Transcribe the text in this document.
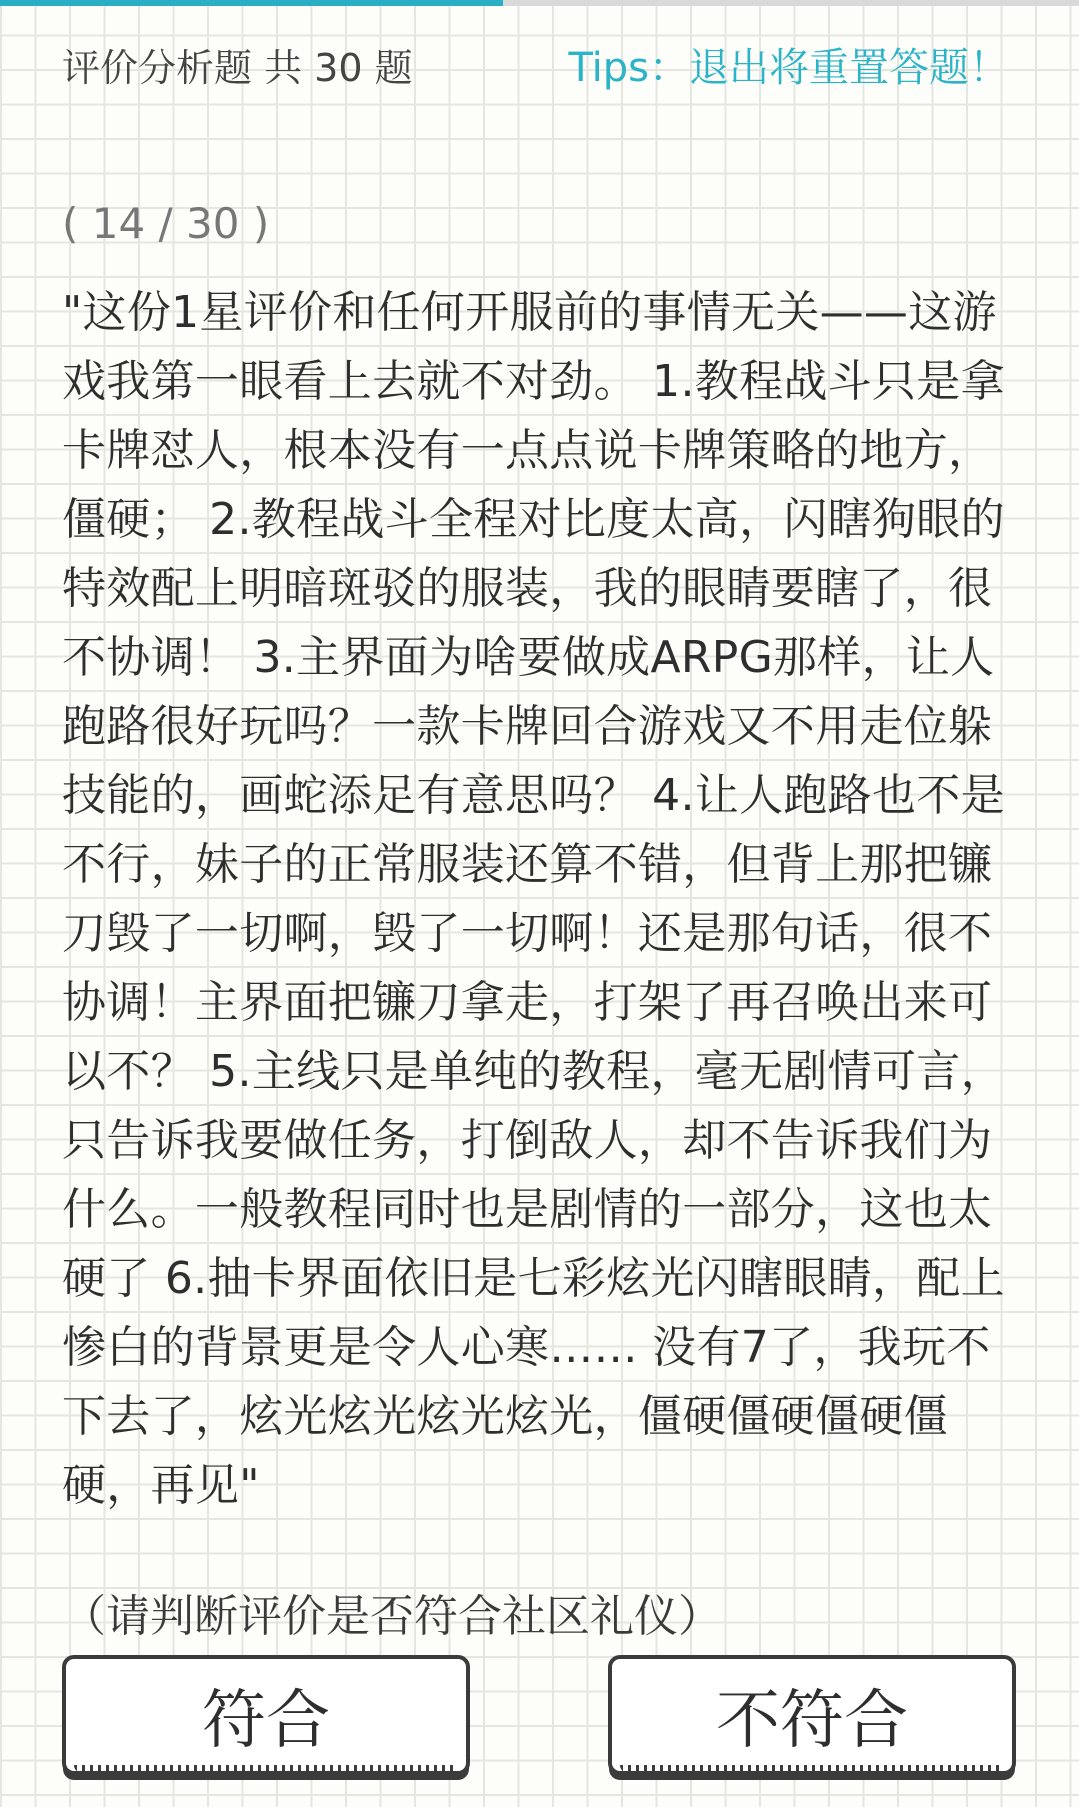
评价分析题 共 30 题	Tips：退出将重置答题！
( 14 / 30 )

"这份1星评价和任何开服前的事情无关——这游戏我第一眼看上去就不对劲。 1.教程战斗只是拿卡牌怼人，根本没有一点点说卡牌策略的地方，僵硬； 2.教程战斗全程对比度太高，闪瞎狗眼的特效配上明暗斑驳的服装，我的眼睛要瞎了，很不协调！ 3.主界面为啥要做成ARPG那样，让人跑路很好玩吗？一款卡牌回合游戏又不用走位躲技能的，画蛇添足有意思吗？ 4.让人跑路也不是不行，妹子的正常服装还算不错，但背上那把镰刀毁了一切啊，毁了一切啊！还是那句话，很不协调！主界面把镰刀拿走，打架了再召唤出来可以不？ 5.主线只是单纯的教程，毫无剧情可言，只告诉我要做任务，打倒敌人，却不告诉我们为什么。一般教程同时也是剧情的一部分，这也太硬了 6.抽卡界面依旧是七彩炫光闪瞎眼睛，配上惨白的背景更是令人心寒…… 没有7了，我玩不下去了，炫光炫光炫光炫光，僵硬僵硬僵硬僵硬，再见"

（请判断评价是否符合社区礼仪）
符合	不符合
